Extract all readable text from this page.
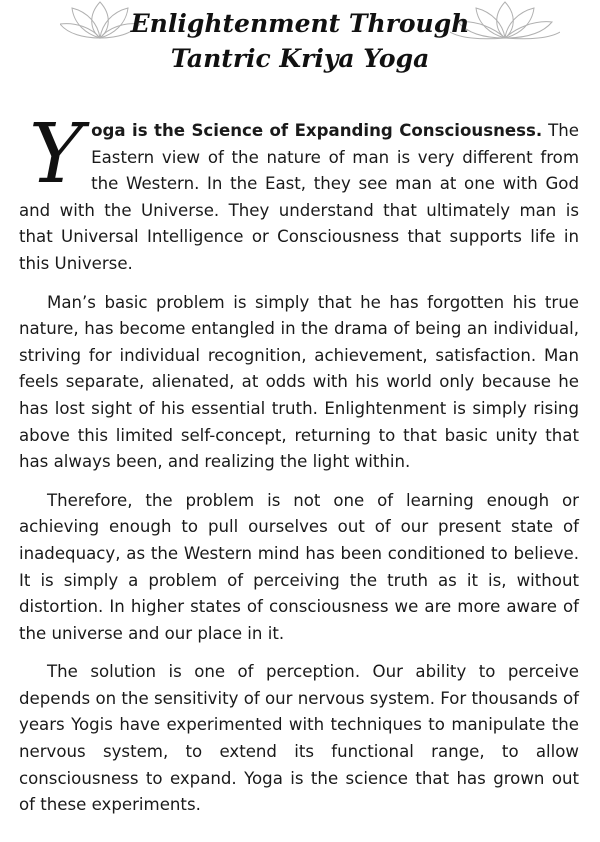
Enlightenment Through
Tantric Kriya Yoga

Yoga is the Science of Expanding Consciousness. The Eastern view of the nature of man is very different from the Western. In the East, they see man at one with God and with the Universe. They understand that ultimately man is that Universal Intelligence or Consciousness that supports life in this Universe.

Man’s basic problem is simply that he has forgotten his true nature, has become entangled in the drama of being an individual, striving for individual recognition, achievement, satisfaction. Man feels separate, alienated, at odds with his world only because he has lost sight of his essential truth. Enlightenment is simply rising above this limited self-concept, returning to that basic unity that has always been, and realizing the light within.

Therefore, the problem is not one of learning enough or achieving enough to pull ourselves out of our present state of inadequacy, as the Western mind has been conditioned to believe. It is simply a problem of perceiving the truth as it is, without distortion. In higher states of consciousness we are more aware of the universe and our place in it.

The solution is one of perception. Our ability to perceive depends on the sensitivity of our nervous system. For thousands of years Yogis have experimented with techniques to manipulate the nervous system, to extend its functional range, to allow consciousness to expand. Yoga is the science that has grown out of these experiments.
